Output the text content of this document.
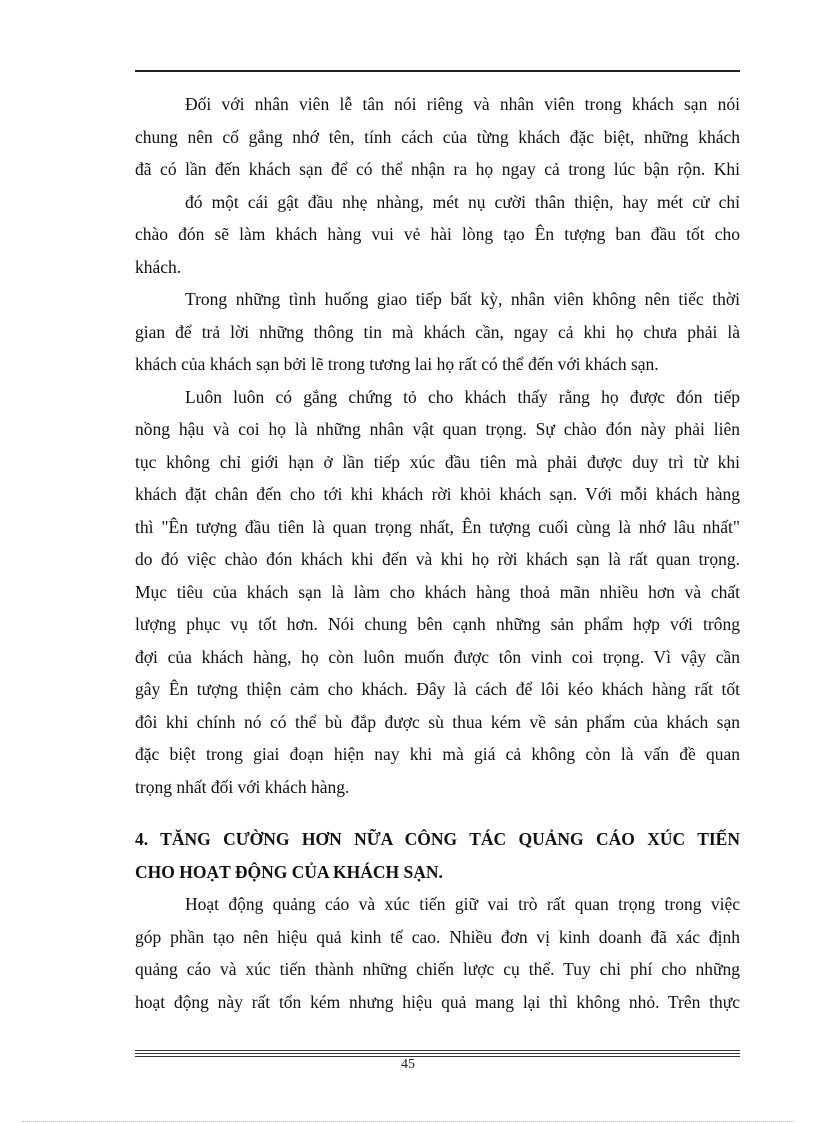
Đối với nhân viên lễ tân nói riêng và nhân viên trong khách sạn nói
chung nên cố gắng nhớ tên, tính cách của từng khách đặc biệt, những khách
đã có lần đến khách sạn để có thể nhận ra họ ngay cả trong lúc bận rộn. Khi
đó một cái gật đầu nhẹ nhàng, mét nụ cười thân thiện, hay mét cử chỉ
chào đón sẽ làm khách hàng vui vẻ hài lòng tạo Ên tượng ban đầu tốt cho
khách.
Trong những tình huống giao tiếp bất kỳ, nhân viên không nên tiếc thời
gian để trả lời những thông tin mà khách cần, ngay cả khi họ chưa phải là
khách của khách sạn bởi lẽ trong tương lai họ rất có thể đến với khách sạn.
Luôn luôn có gắng chứng tỏ cho khách thấy rằng họ được đón tiếp
nồng hậu và coi họ là những nhân vật quan trọng. Sự chào đón này phải liên
tục không chỉ giới hạn ở lần tiếp xúc đầu tiên mà phải được duy trì từ khi
khách đặt chân đến cho tới khi khách rời khỏi khách sạn. Với mỗi khách hàng
thì "Ên tượng đầu tiên là quan trọng nhất, Ên tượng cuối cùng là nhớ lâu nhất"
do đó việc chào đón khách khi đến và khi họ rời khách sạn là rất quan trọng.
Mục tiêu của khách sạn là làm cho khách hàng thoả mãn nhiều hơn và chất
lượng phục vụ tốt hơn. Nói chung bên cạnh những sản phẩm hợp với trông
đợi của khách hàng, họ còn luôn muốn được tôn vinh coi trọng. Vì vậy cần
gây Ên tượng thiện cảm cho khách. Đây là cách để lôi kéo khách hàng rất tốt
đôi khi chính nó có thể bù đắp được sù thua kém về sản phẩm của khách sạn
đặc biệt trong giai đoạn hiện nay khi mà giá cả không còn là vấn đề quan
trọng nhất đối với khách hàng.
4. TĂNG CƯỜNG HƠN NỮA CÔNG TÁC QUẢNG CÁO XÚC TIẾN
CHO HOẠT ĐỘNG CỦA KHÁCH SẠN.
Hoạt động quảng cáo và xúc tiến giữ vai trò rất quan trọng trong việc
góp phần tạo nên hiệu quả kinh tế cao. Nhiều đơn vị kinh doanh đã xác định
quảng cáo và xúc tiến thành những chiến lược cụ thể. Tuy chi phí cho những
hoạt động này rất tốn kém nhưng hiệu quả mang lại thì không nhỏ. Trên thực
45
